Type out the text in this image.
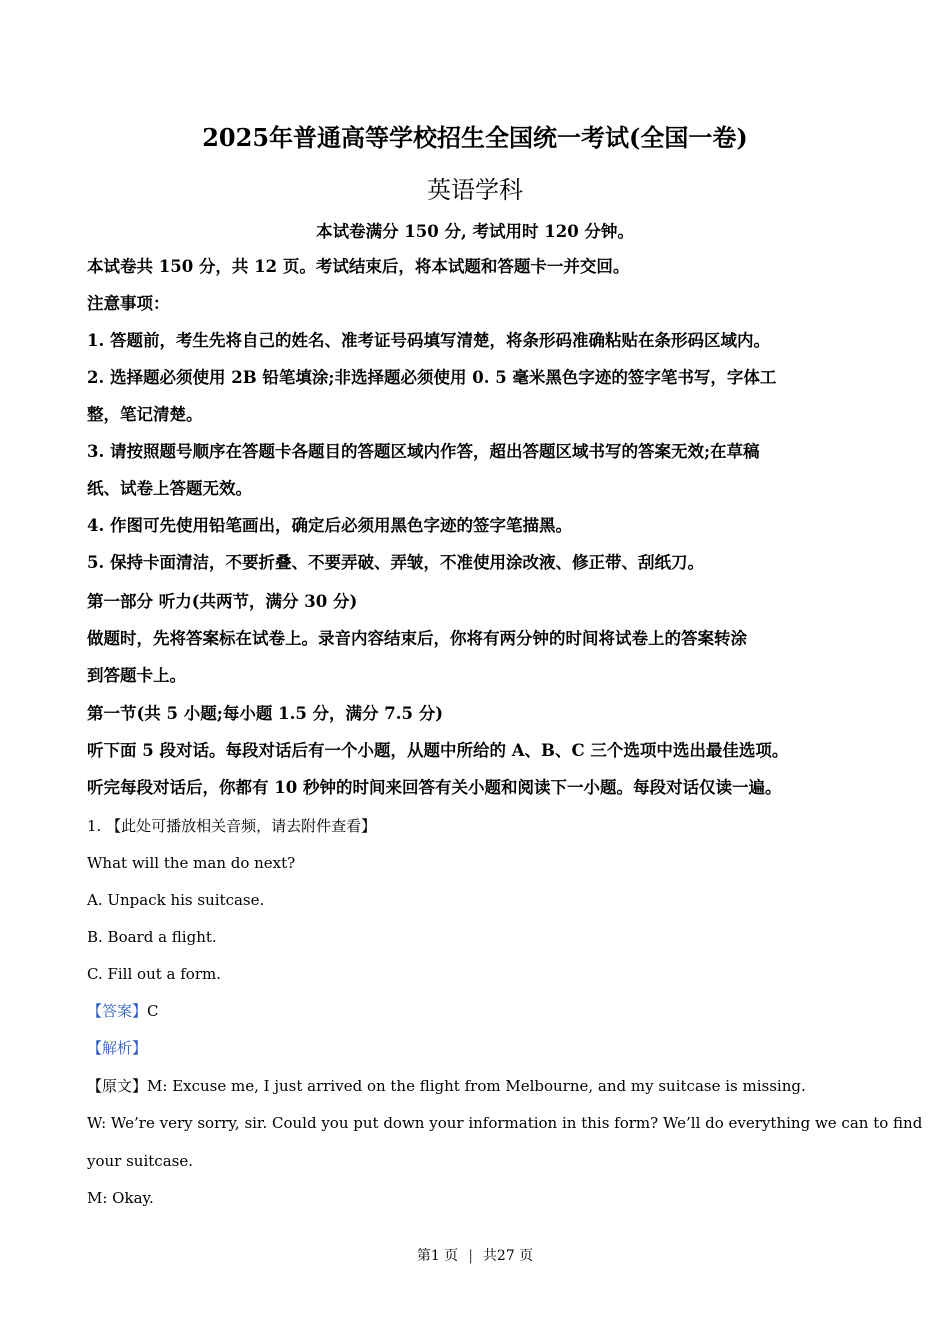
2025年普通高等学校招生全国统一考试(全国一卷)
英语学科
本试卷满分 150 分, 考试用时 120 分钟。
本试卷共 150 分，共 12 页。考试结束后，将本试题和答题卡一并交回。
注意事项：
1. 答题前，考生先将自己的姓名、准考证号码填写清楚，将条形码准确粘贴在条形码区域内。
2. 选择题必须使用 2B 铅笔填涂;非选择题必须使用 0. 5 毫米黑色字迹的签字笔书写，字体工
整，笔记清楚。
3. 请按照题号顺序在答题卡各题目的答题区域内作答，超出答题区域书写的答案无效;在草稿
纸、试卷上答题无效。
4. 作图可先使用铅笔画出，确定后必须用黑色字迹的签字笔描黑。
5. 保持卡面清洁，不要折叠、不要弄破、弄皱，不准使用涂改液、修正带、刮纸刀。
第一部分 听力(共两节，满分 30 分)
做题时，先将答案标在试卷上。录音内容结束后，你将有两分钟的时间将试卷上的答案转涂
到答题卡上。
第一节(共 5 小题;每小题 1.5 分，满分 7.5 分)
听下面 5 段对话。每段对话后有一个小题，从题中所给的 A、B、C 三个选项中选出最佳选项。
听完每段对话后，你都有 10 秒钟的时间来回答有关小题和阅读下一小题。每段对话仅读一遍。
1. 【此处可播放相关音频，请去附件查看】
What will the man do next?
A. Unpack his suitcase.
B. Board a flight.
C. Fill out a form.
【答案】C
【解析】
【原文】M: Excuse me, I just arrived on the flight from Melbourne, and my suitcase is missing.
W: We’re very sorry, sir. Could you put down your information in this form? We’ll do everything we can to find
your suitcase.
M: Okay.
第1 页 | 共27 页
